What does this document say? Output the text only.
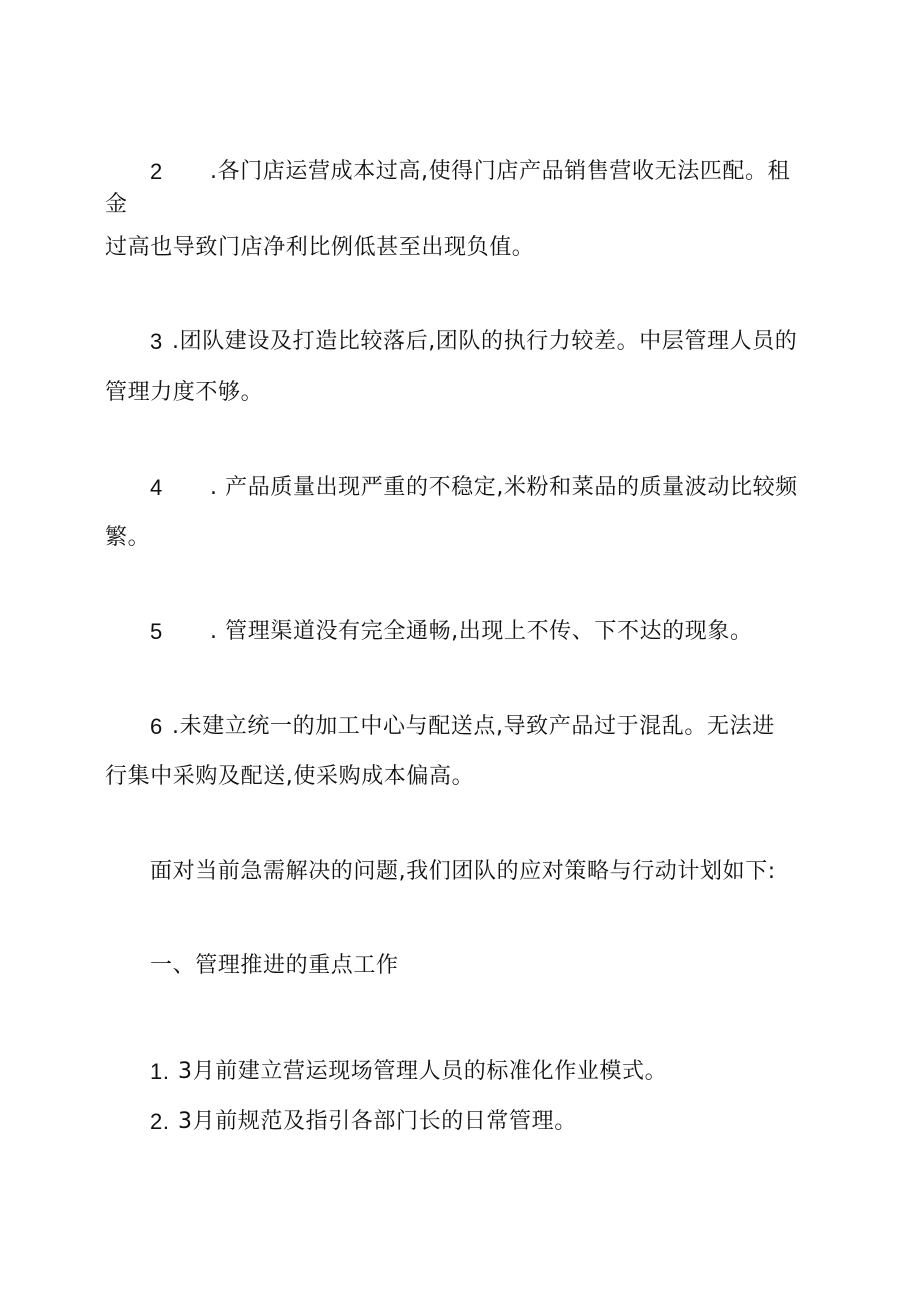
2 .各门店运营成本过高,使得门店产品销售营收无法匹配。租
金
过高也导致门店净利比例低甚至出现负值。
3 .团队建设及打造比较落后,团队的执行力较差。中层管理人员的
管理力度不够。
4 . 产品质量出现严重的不稳定,米粉和菜品的质量波动比较频
繁。
5 . 管理渠道没有完全通畅,出现上不传、下不达的现象。
6 .未建立统一的加工中心与配送点,导致产品过于混乱。无法进
行集中采购及配送,使采购成本偏高。
面对当前急需解决的问题,我们团队的应对策略与行动计划如下:
一、管理推进的重点工作
1. 3月前建立营运现场管理人员的标准化作业模式。
2. 3月前规范及指引各部门长的日常管理。
